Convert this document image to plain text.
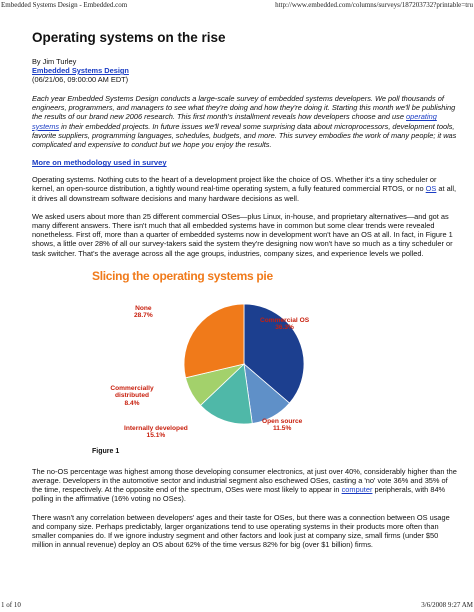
Embedded Systems Design - Embedded.com	http://www.embedded.com/columns/surveys/187203732?printable=tru
Operating systems on the rise
By Jim Turley
Embedded Systems Design
(06/21/06, 09:00:00 AM EDT)

Each year Embedded Systems Design conducts a large-scale survey of embedded systems developers. We poll thousands of engineers, programmers, and managers to see what they're doing and how they're doing it. Starting this month we'll be publishing the results of our brand new 2006 research. This first month's installment reveals how developers choose and use operating systems in their embedded projects. In future issues we'll reveal some surprising data about microprocessors, development tools, favorite suppliers, programming languages, schedules, budgets, and more. This survey embodies the work of many people; it was complicated and expensive to conduct but we hope you enjoy the results.

More on methodology used in survey

Operating systems. Nothing cuts to the heart of a development project like the choice of OS. Whether it's a tiny scheduler or kernel, an open-source distribution, a tightly wound real-time operating system, a fully featured commercial RTOS, or no OS at all, it drives all downstream software decisions and many hardware decisions as well.

We asked users about more than 25 different commercial OSes—plus Linux, in-house, and proprietary alternatives—and got as many different answers. There isn't much that all embedded systems have in common but some clear trends were revealed nonetheless. First off, more than a quarter of embedded systems now in development won't have an OS at all. In fact, in Figure 1 shows, a little over 28% of all our survey-takers said the system they're designing now won't have so much as a tiny scheduler or task switcher. That's the average across all the age groups, industries, company sizes, and experience levels we polled.

Slicing the operating systems pie
Commercial OS
36.3%
Open source
11.5%
Internally developed
15.1%
Commercially distributed
8.4%
None
28.7%
Figure 1

The no-OS percentage was highest among those developing consumer electronics, at just over 40%, considerably higher than the average. Developers in the automotive sector and industrial segment also eschewed OSes, casting a 'no' vote 36% and 35% of the time, respectively. At the opposite end of the spectrum, OSes were most likely to appear in computer peripherals, with 84% polling in the affirmative (16% voting no OSes).

There wasn't any correlation between developers' ages and their taste for OSes, but there was a connection between OS usage and company size. Perhaps predictably, larger organizations tend to use operating systems in their products more often than smaller companies do. If we ignore industry segment and other factors and look just at company size, small firms (under $50 million in annual revenue) deploy an OS about 62% of the time versus 82% for big (over $1 billion) firms.

1 of 10	3/6/2008 9:27 AM
